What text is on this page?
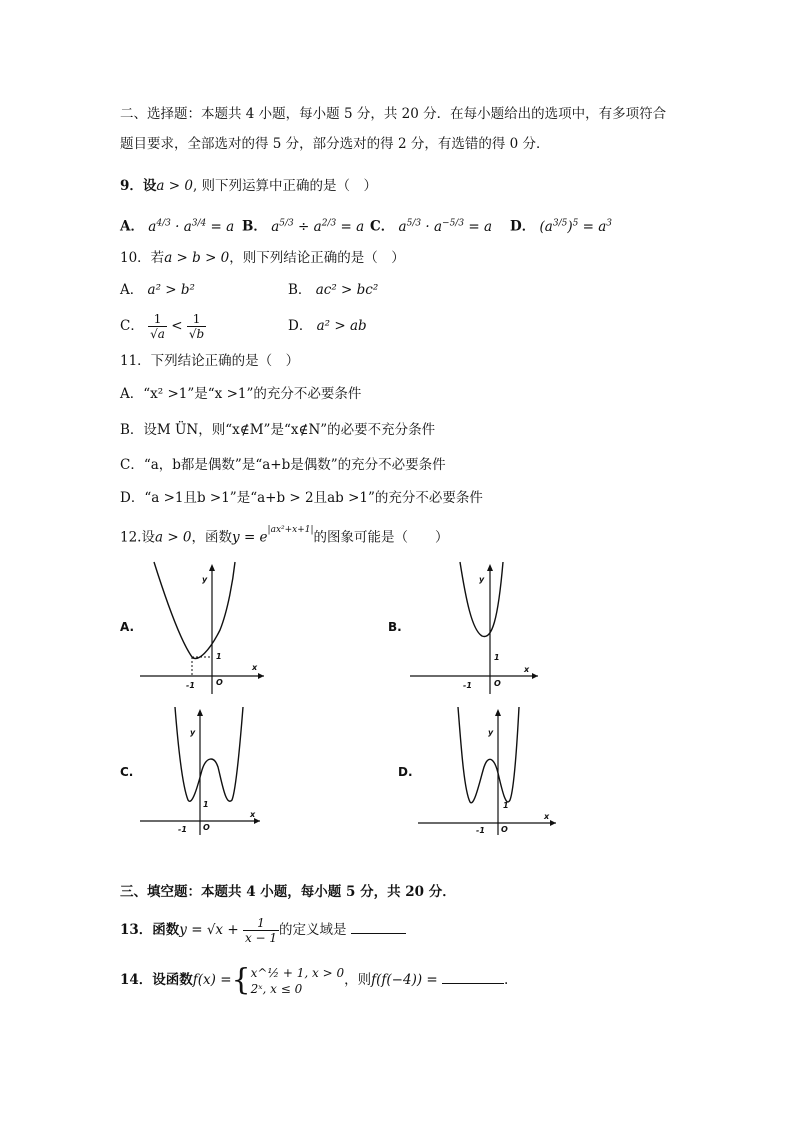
二、选择题：本题共 4 小题，每小题 5 分，共 20 分．在每小题给出的选项中，有多项符合
题目要求，全部选对的得 5 分，部分选对的得 2 分，有选错的得 0 分．
9．设a > 0, 则下列运算中正确的是（　）
A． $a^{4/3} \cdot a^{3/4} = a$ B． $a^{5/3} \div a^{2/3} = a$ C． $a^{5/3} \cdot a^{-5/3} = a$ D． $(a^{3/5})^5 = a^3$
10．若a > b > 0，则下列结论正确的是（　）
A． a² > b²	B． ac² > bc²
C． $\frac{1}{√a} < \frac{1}{√b}$	D． a² > ab
11．下列结论正确的是（　）
A．“x² >1”是“x >1”的充分不必要条件
B．设M ÜN，则“x∉M”是“x∉N”的必要不充分条件
C．“a，b都是偶数”是“a+b是偶数”的充分不必要条件
D．“a >1且b >1”是“a+b > 2且ab >1”的充分不必要条件
12.设a > 0，函数$y = e^{|ax^2+x+1|}$的图象可能是（　　）
A.	B.
C.	D.
y
x
O
1
-1
y
x
O
1
-1
y
x
O
1
-1
y
x
O
1
-1
三、填空题：本题共 4 小题，每小题 5 分，共 20 分．
13．函数$y = √x + \frac{1}{x - 1}$ 的定义域是
14．设函数f(x) ={ x^½ + 1, x > 0
2ˣ, x ≤ 0
，则f(f(−4)) =	.
